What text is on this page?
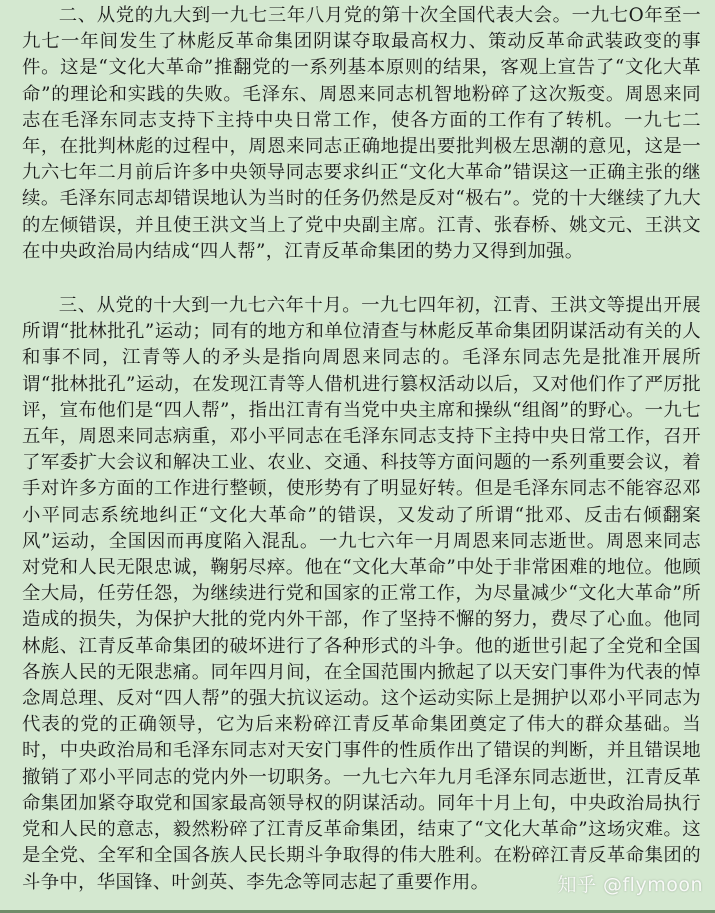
二、从党的九大到一九七三年八月党的第十次全国代表大会。一九七O年至一九七一年间发生了林彪反革命集团阴谋夺取最高权力、策动反革命武装政变的事件。这是“文化大革命”推翻党的一系列基本原则的结果，客观上宣告了“文化大革命”的理论和实践的失败。毛泽东、周恩来同志机智地粉碎了这次叛变。周恩来同志在毛泽东同志支持下主持中央日常工作，使各方面的工作有了转机。一九七二年，在批判林彪的过程中，周恩来同志正确地提出要批判极左思潮的意见，这是一九六七年二月前后许多中央领导同志要求纠正“文化大革命”错误这一正确主张的继续。毛泽东同志却错误地认为当时的任务仍然是反对“极右”。党的十大继续了九大的左倾错误，并且使王洪文当上了党中央副主席。江青、张春桥、姚文元、王洪文在中央政治局内结成“四人帮”，江青反革命集团的势力又得到加强。

三、从党的十大到一九七六年十月。一九七四年初，江青、王洪文等提出开展所谓“批林批孔”运动；同有的地方和单位清查与林彪反革命集团阴谋活动有关的人和事不同，江青等人的矛头是指向周恩来同志的。毛泽东同志先是批准开展所谓“批林批孔”运动，在发现江青等人借机进行篡权活动以后，又对他们作了严厉批评，宣布他们是“四人帮”，指出江青有当党中央主席和操纵“组阁”的野心。一九七五年，周恩来同志病重，邓小平同志在毛泽东同志支持下主持中央日常工作，召开了军委扩大会议和解决工业、农业、交通、科技等方面问题的一系列重要会议，着手对许多方面的工作进行整顿，使形势有了明显好转。但是毛泽东同志不能容忍邓小平同志系统地纠正“文化大革命”的错误，又发动了所谓“批邓、反击右倾翻案风”运动，全国因而再度陷入混乱。一九七六年一月周恩来同志逝世。周恩来同志对党和人民无限忠诚，鞠躬尽瘁。他在“文化大革命”中处于非常困难的地位。他顾全大局，任劳任怨，为继续进行党和国家的正常工作，为尽量减少“文化大革命”所造成的损失，为保护大批的党内外干部，作了坚持不懈的努力，费尽了心血。他同林彪、江青反革命集团的破坏进行了各种形式的斗争。他的逝世引起了全党和全国各族人民的无限悲痛。同年四月间，在全国范围内掀起了以天安门事件为代表的悼念周总理、反对“四人帮”的强大抗议运动。这个运动实际上是拥护以邓小平同志为代表的党的正确领导，它为后来粉碎江青反革命集团奠定了伟大的群众基础。当时，中央政治局和毛泽东同志对天安门事件的性质作出了错误的判断，并且错误地撤销了邓小平同志的党内外一切职务。一九七六年九月毛泽东同志逝世，江青反革命集团加紧夺取党和国家最高领导权的阴谋活动。同年十月上旬，中央政治局执行党和人民的意志，毅然粉碎了江青反革命集团，结束了“文化大革命”这场灾难。这是全党、全军和全国各族人民长期斗争取得的伟大胜利。在粉碎江青反革命集团的斗争中，华国锋、叶剑英、李先念等同志起了重要作用。	知乎 @flymoon
